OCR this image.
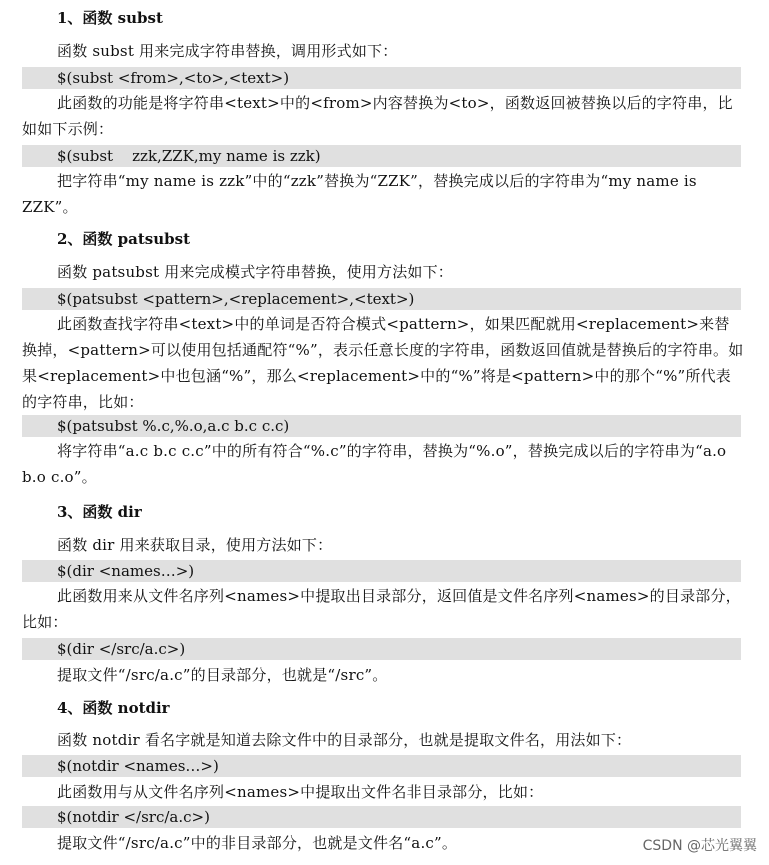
1、函数 subst
函数 subst 用来完成字符串替换，调用形式如下：
$(subst <from>,<to>,<text>)
此函数的功能是将字符串<text>中的<from>内容替换为<to>，函数返回被替换以后的字符串，比如如下示例：
$(subst    zzk,ZZK,my name is zzk)
把字符串“my name is zzk”中的“zzk”替换为“ZZK”，替换完成以后的字符串为“my name is ZZK”。
2、函数 patsubst
函数 patsubst 用来完成模式字符串替换，使用方法如下：
$(patsubst <pattern>,<replacement>,<text>)
此函数查找字符串<text>中的单词是否符合模式<pattern>，如果匹配就用<replacement>来替换掉，<pattern>可以使用包括通配符“%”，表示任意长度的字符串，函数返回值就是替换后的字符串。如果<replacement>中也包涵“%”，那么<replacement>中的“%”将是<pattern>中的那个“%”所代表的字符串，比如：
$(patsubst %.c,%.o,a.c b.c c.c)
将字符串“a.c b.c c.c”中的所有符合“%.c”的字符串，替换为“%.o”，替换完成以后的字符串为“a.o b.o c.o”。
3、函数 dir
函数 dir 用来获取目录，使用方法如下：
$(dir <names…>)
此函数用来从文件名序列<names>中提取出目录部分，返回值是文件名序列<names>的目录部分，比如：
$(dir </src/a.c>)
提取文件“/src/a.c”的目录部分，也就是“/src”。
4、函数 notdir
函数 notdir 看名字就是知道去除文件中的目录部分，也就是提取文件名，用法如下：
$(notdir <names…>)
此函数用与从文件名序列<names>中提取出文件名非目录部分，比如：
$(notdir </src/a.c>)
提取文件“/src/a.c”中的非目录部分，也就是文件名“a.c”。	CSDN @芯光翼翼
